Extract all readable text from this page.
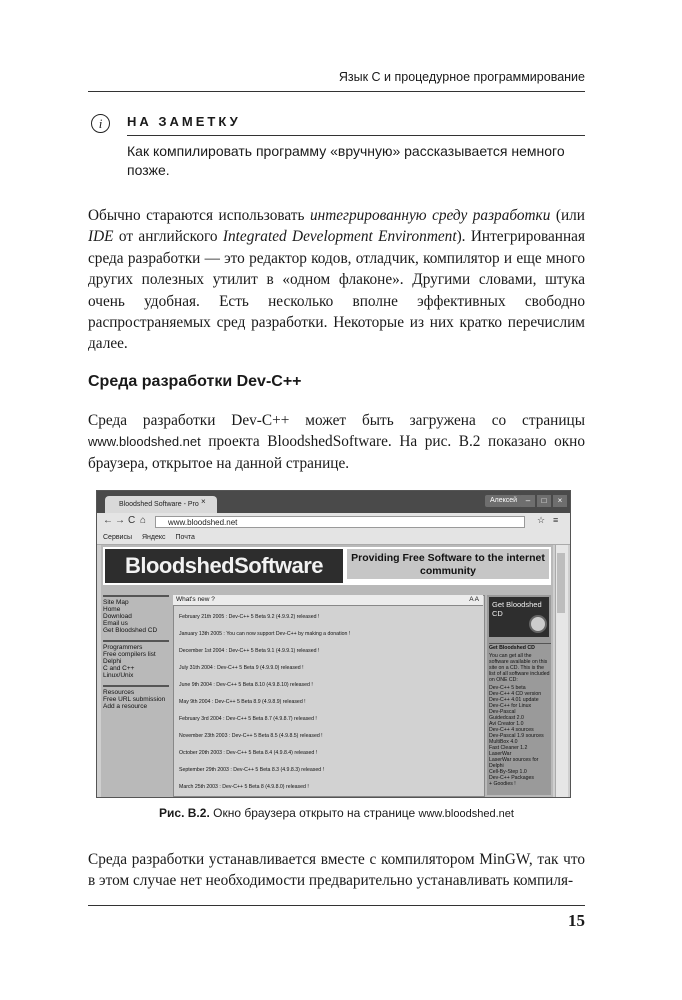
Язык С и процедурное программирование
i	НА ЗАМЕТКУ
Как компилировать программу «вручную» рассказывается немного позже.
Обычно стараются использовать интегрированную среду разработки (или IDE от английского Integrated Development Environment). Интегрированная среда разработки — это редактор кодов, отладчик, компилятор и еще много других полезных утилит в «одном флаконе». Другими словами, штука очень удобная. Есть несколько вполне эффективных свободно распространяемых сред разработки. Некоторые из них кратко перечислим далее.
Среда разработки Dev-C++
Среда разработки Dev-C++ может быть загружена со страницы www.bloodshed.net проекта BloodshedSoftware. На рис. В.2 показано окно браузера, открытое на данной странице.
Bloodshed Software - Pro ×	Алексей	–	□	×
← → C ⌂	www.bloodshed.net	☆ ≡
Сервисы Яндекс Почта
BloodshedSoftware	Providing Free Software to the internet community
Site Map
Home
Download
Email us
Get Bloodshed CD
Programmers
Free compilers list
Delphi
C and C++
Linux/Unix
Resources
Free URL submission
Add a resource
What's new ?	A A
February 21th 2005 : Dev-C++ 5 Beta 9.2 (4.9.9.2) released !
January 13th 2005 : You can now support Dev-C++ by making a donation !
December 1st 2004 : Dev-C++ 5 Beta 9.1 (4.9.9.1) released !
July 31th 2004 : Dev-C++ 5 Beta 9 (4.9.9.0) released !
June 9th 2004 : Dev-C++ 5 Beta 8.10 (4.9.8.10) released !
May 9th 2004 : Dev-C++ 5 Beta 8.9 (4.9.8.9) released !
February 3rd 2004 : Dev-C++ 5 Beta 8.7 (4.9.8.7) released !
November 23th 2003 : Dev-C++ 5 Beta 8.5 (4.9.8.5) released !
October 20th 2003 : Dev-C++ 5 Beta 8.4 (4.9.8.4) released !
September 29th 2003 : Dev-C++ 5 Beta 8.3 (4.9.8.3) released !
March 25th 2003 : Dev-C++ 5 Beta 8 (4.9.8.0) released !
Get Bloodshed CD
Get Bloodshed CD
You can get all the software available on this site on a CD. This is the list of all software included on ONE CD:
Dev-C++ 5 beta
Dev-C++ 4 CD version
Dev-C++ 4.01 update
Dev-C++ for Linux
Dev-Pascal
Guidedcast 2.0
Avi Creator 1.0
Dev-C++ 4 sources
Dev-Pascal 1.9 sources
MultiBox 4.0
Fast Cleaner 1.2
LaserWar
LaserWar sources for Delphi
Cell-By-Step 1.0
Dev-C++ Packages
+ Goodies !
Рис. В.2. Окно браузера открыто на странице www.bloodshed.net
Среда разработки устанавливается вместе с компилятором MinGW, так что в этом случае нет необходимости предварительно устанавливать компиля-
15
